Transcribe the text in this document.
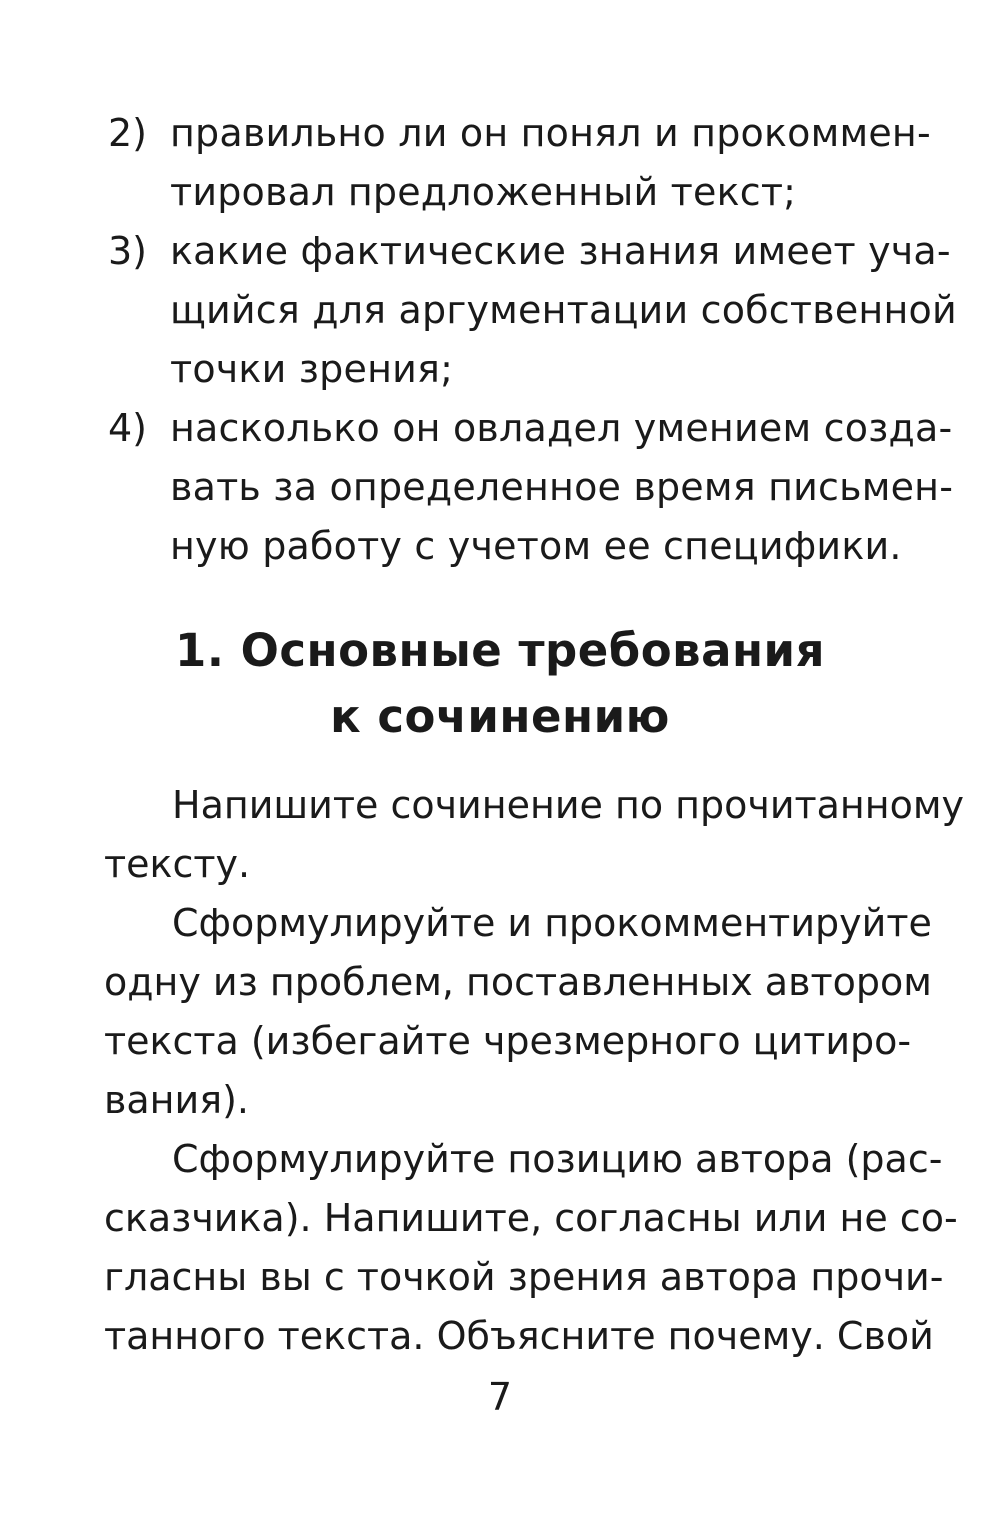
2) правильно ли он понял и прокоммен-
тировал предложенный текст;
3) какие фактические знания имеет уча-
щийся для аргументации собственной
точки зрения;
4) насколько он овладел умением созда-
вать за определенное время письмен-
ную работу с учетом ее специфики.
1. Основные требования
к сочинению
Напишите сочинение по прочитанному
тексту.
Сформулируйте и прокомментируйте
одну из проблем, поставленных автором
текста (избегайте чрезмерного цитиро-
вания).
Сформулируйте позицию автора (рас-
сказчика). Напишите, согласны или не со-
гласны вы с точкой зрения автора прочи-
танного текста. Объясните почему. Свой
7
